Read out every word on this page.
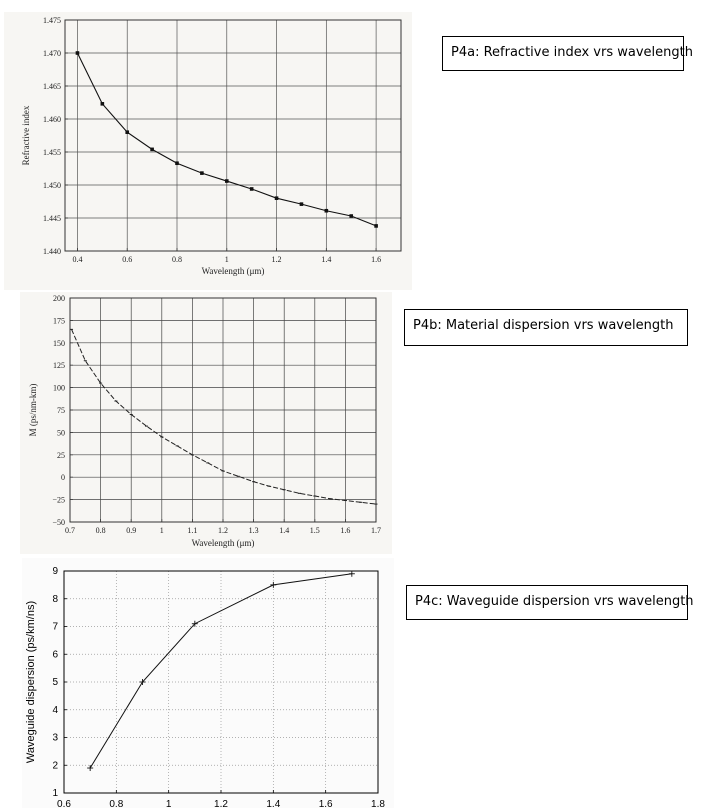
0.4	0.6	0.8	1	1.2	1.4	1.6
1.440
1.445
1.450
1.455
1.460
1.465
1.470
1.475
Wavelength (μm)
Refractive index
P4a: Refractive index vrs wavelength
0.7	0.8	0.9	1	1.1	1.2	1.3	1.4	1.5	1.6	1.7
−50
−25
0
25
50
75
100
125
150
175
200
Wavelength (μm)
M (ps/nm-km)
P4b: Material dispersion vrs wavelength
0.6	0.8	1	1.2	1.4	1.6	1.8
1
2
3
4
5
6
7
8
9
Waveguide dispersion (ps/km/ns)	P4c: Waveguide dispersion vrs wavelength
